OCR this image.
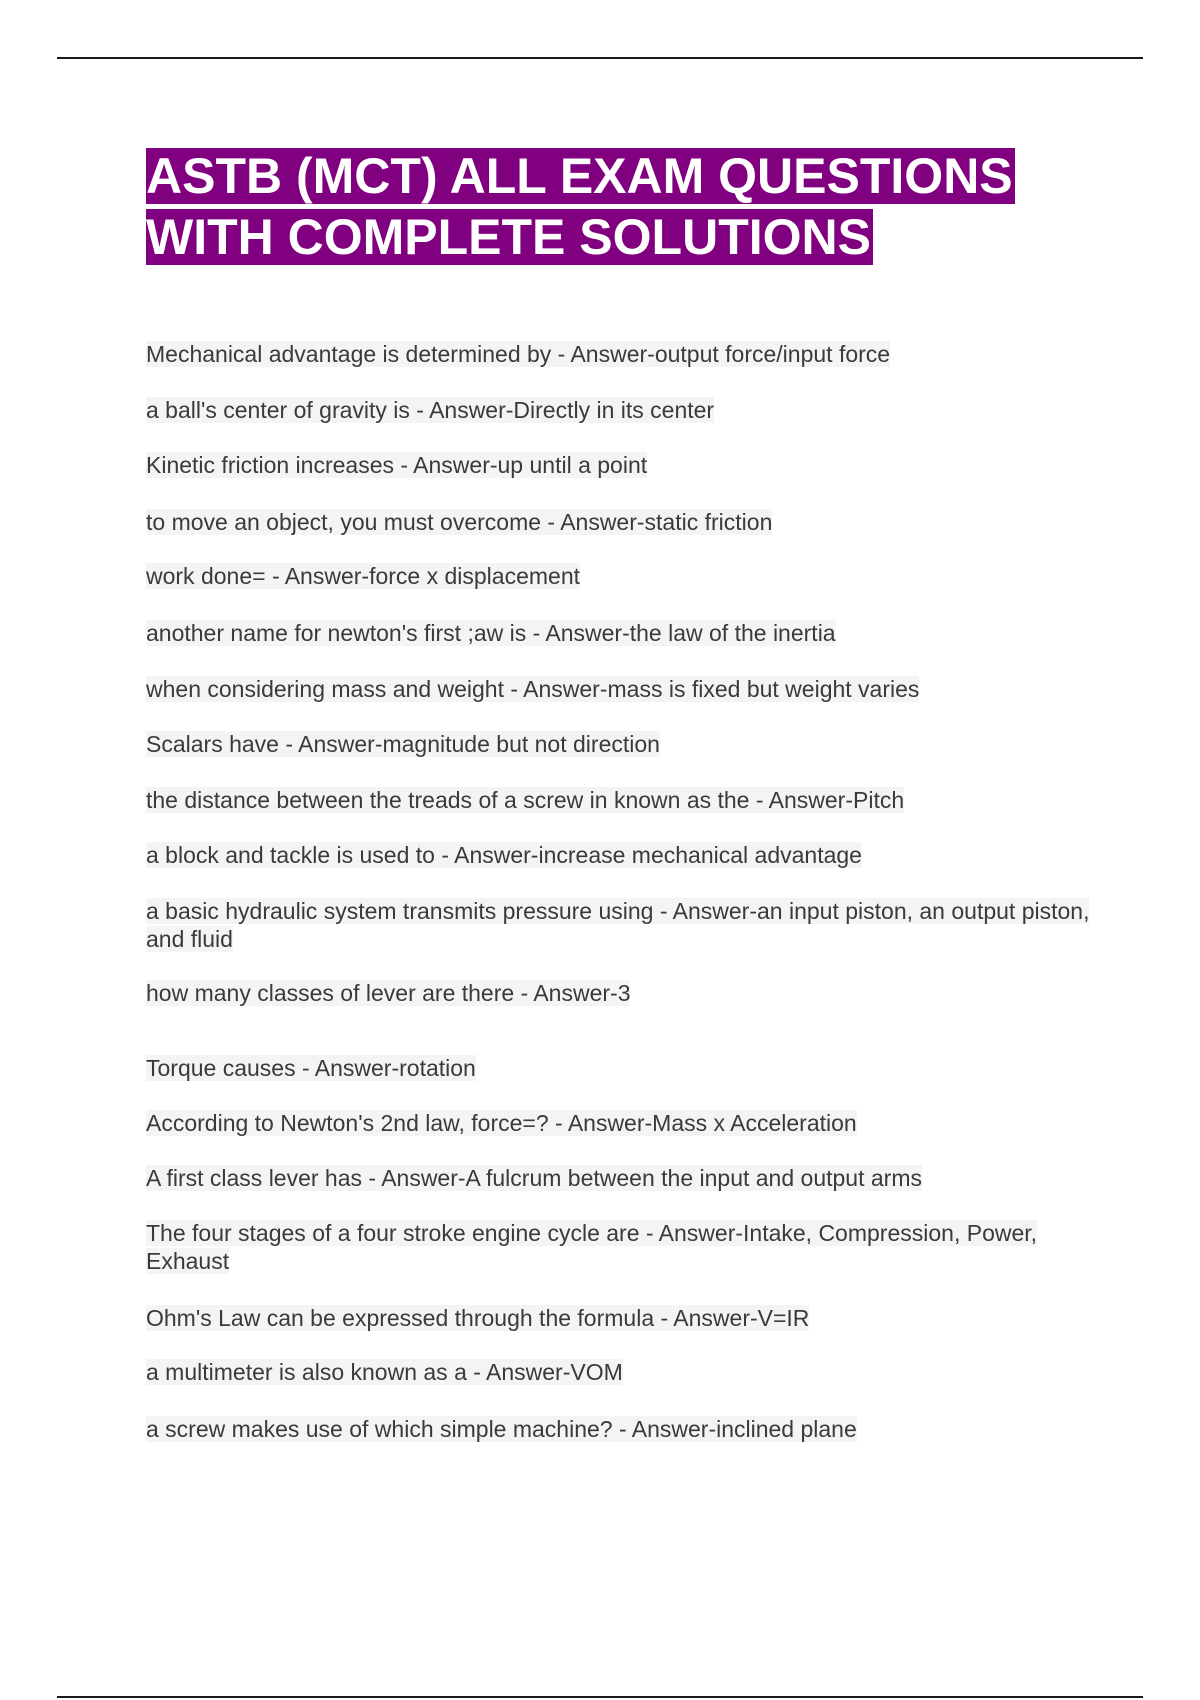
ASTB (MCT) ALL EXAM QUESTIONS
WITH COMPLETE SOLUTIONS
Mechanical advantage is determined by - Answer-output force/input force
a ball's center of gravity is - Answer-Directly in its center
Kinetic friction increases - Answer-up until a point
to move an object, you must overcome - Answer-static friction
work done= - Answer-force x displacement
another name for newton's first ;aw is - Answer-the law of the inertia
when considering mass and weight - Answer-mass is fixed but weight varies
Scalars have - Answer-magnitude but not direction
the distance between the treads of a screw in known as the - Answer-Pitch
a block and tackle is used to - Answer-increase mechanical advantage
a basic hydraulic system transmits pressure using - Answer-an input piston, an output piston, and fluid
how many classes of lever are there - Answer-3
Torque causes - Answer-rotation
According to Newton's 2nd law, force=? - Answer-Mass x Acceleration
A first class lever has - Answer-A fulcrum between the input and output arms
The four stages of a four stroke engine cycle are - Answer-Intake, Compression, Power, Exhaust
Ohm's Law can be expressed through the formula - Answer-V=IR
a multimeter is also known as a - Answer-VOM
a screw makes use of which simple machine? - Answer-inclined plane
